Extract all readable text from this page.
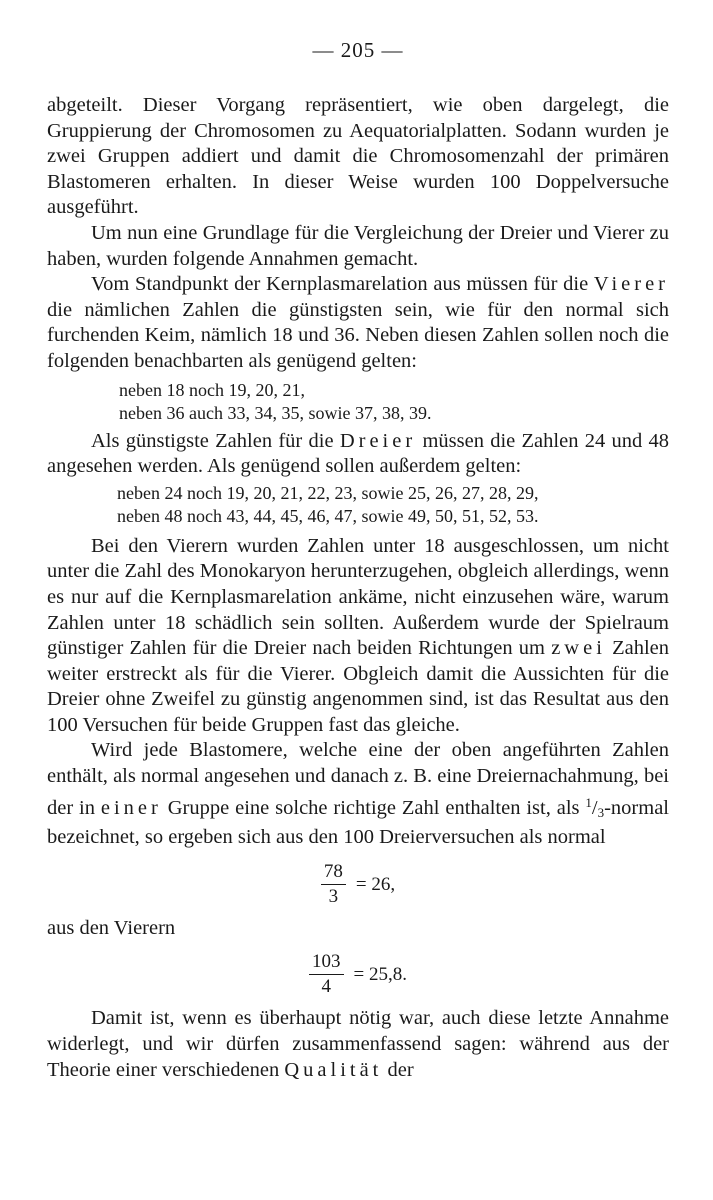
— 205 —

abgeteilt. Dieser Vorgang repräsentiert, wie oben dargelegt, die Gruppierung der Chromosomen zu Aequatorialplatten. Sodann wurden je zwei Gruppen addiert und damit die Chromosomenzahl der primären Blastomeren erhalten. In dieser Weise wurden 100 Doppelversuche ausgeführt.

Um nun eine Grundlage für die Vergleichung der Dreier und Vierer zu haben, wurden folgende Annahmen gemacht.

Vom Standpunkt der Kernplasmarelation aus müssen für die Vierer die nämlichen Zahlen die günstigsten sein, wie für den normal sich furchenden Keim, nämlich 18 und 36. Neben diesen Zahlen sollen noch die folgenden benachbarten als genügend gelten:

neben 18 noch 19, 20, 21,
neben 36 auch 33, 34, 35, sowie 37, 38, 39.

Als günstigste Zahlen für die Dreier müssen die Zahlen 24 und 48 angesehen werden. Als genügend sollen außerdem gelten:

neben 24 noch 19, 20, 21, 22, 23, sowie 25, 26, 27, 28, 29,
neben 48 noch 43, 44, 45, 46, 47, sowie 49, 50, 51, 52, 53.

Bei den Vierern wurden Zahlen unter 18 ausgeschlossen, um nicht unter die Zahl des Monokaryon herunterzugehen, obgleich allerdings, wenn es nur auf die Kernplasmarelation ankäme, nicht einzusehen wäre, warum Zahlen unter 18 schädlich sein sollten. Außerdem wurde der Spielraum günstiger Zahlen für die Dreier nach beiden Richtungen um zwei Zahlen weiter erstreckt als für die Vierer. Obgleich damit die Aussichten für die Dreier ohne Zweifel zu günstig angenommen sind, ist das Resultat aus den 100 Versuchen für beide Gruppen fast das gleiche.

Wird jede Blastomere, welche eine der oben angeführten Zahlen enthält, als normal angesehen und danach z. B. eine Dreiernachahmung, bei der in einer Gruppe eine solche richtige Zahl enthalten ist, als $^1/_3$-normal bezeichnet, so ergeben sich aus den 100 Dreierversuchen als normal

$\frac{78}{3} = 26$,

aus den Vierern

$\frac{103}{4} = 25,8$.

Damit ist, wenn es überhaupt nötig war, auch diese letzte Annahme widerlegt, und wir dürfen zusammenfassend sagen: während aus der Theorie einer verschiedenen Qualität der
